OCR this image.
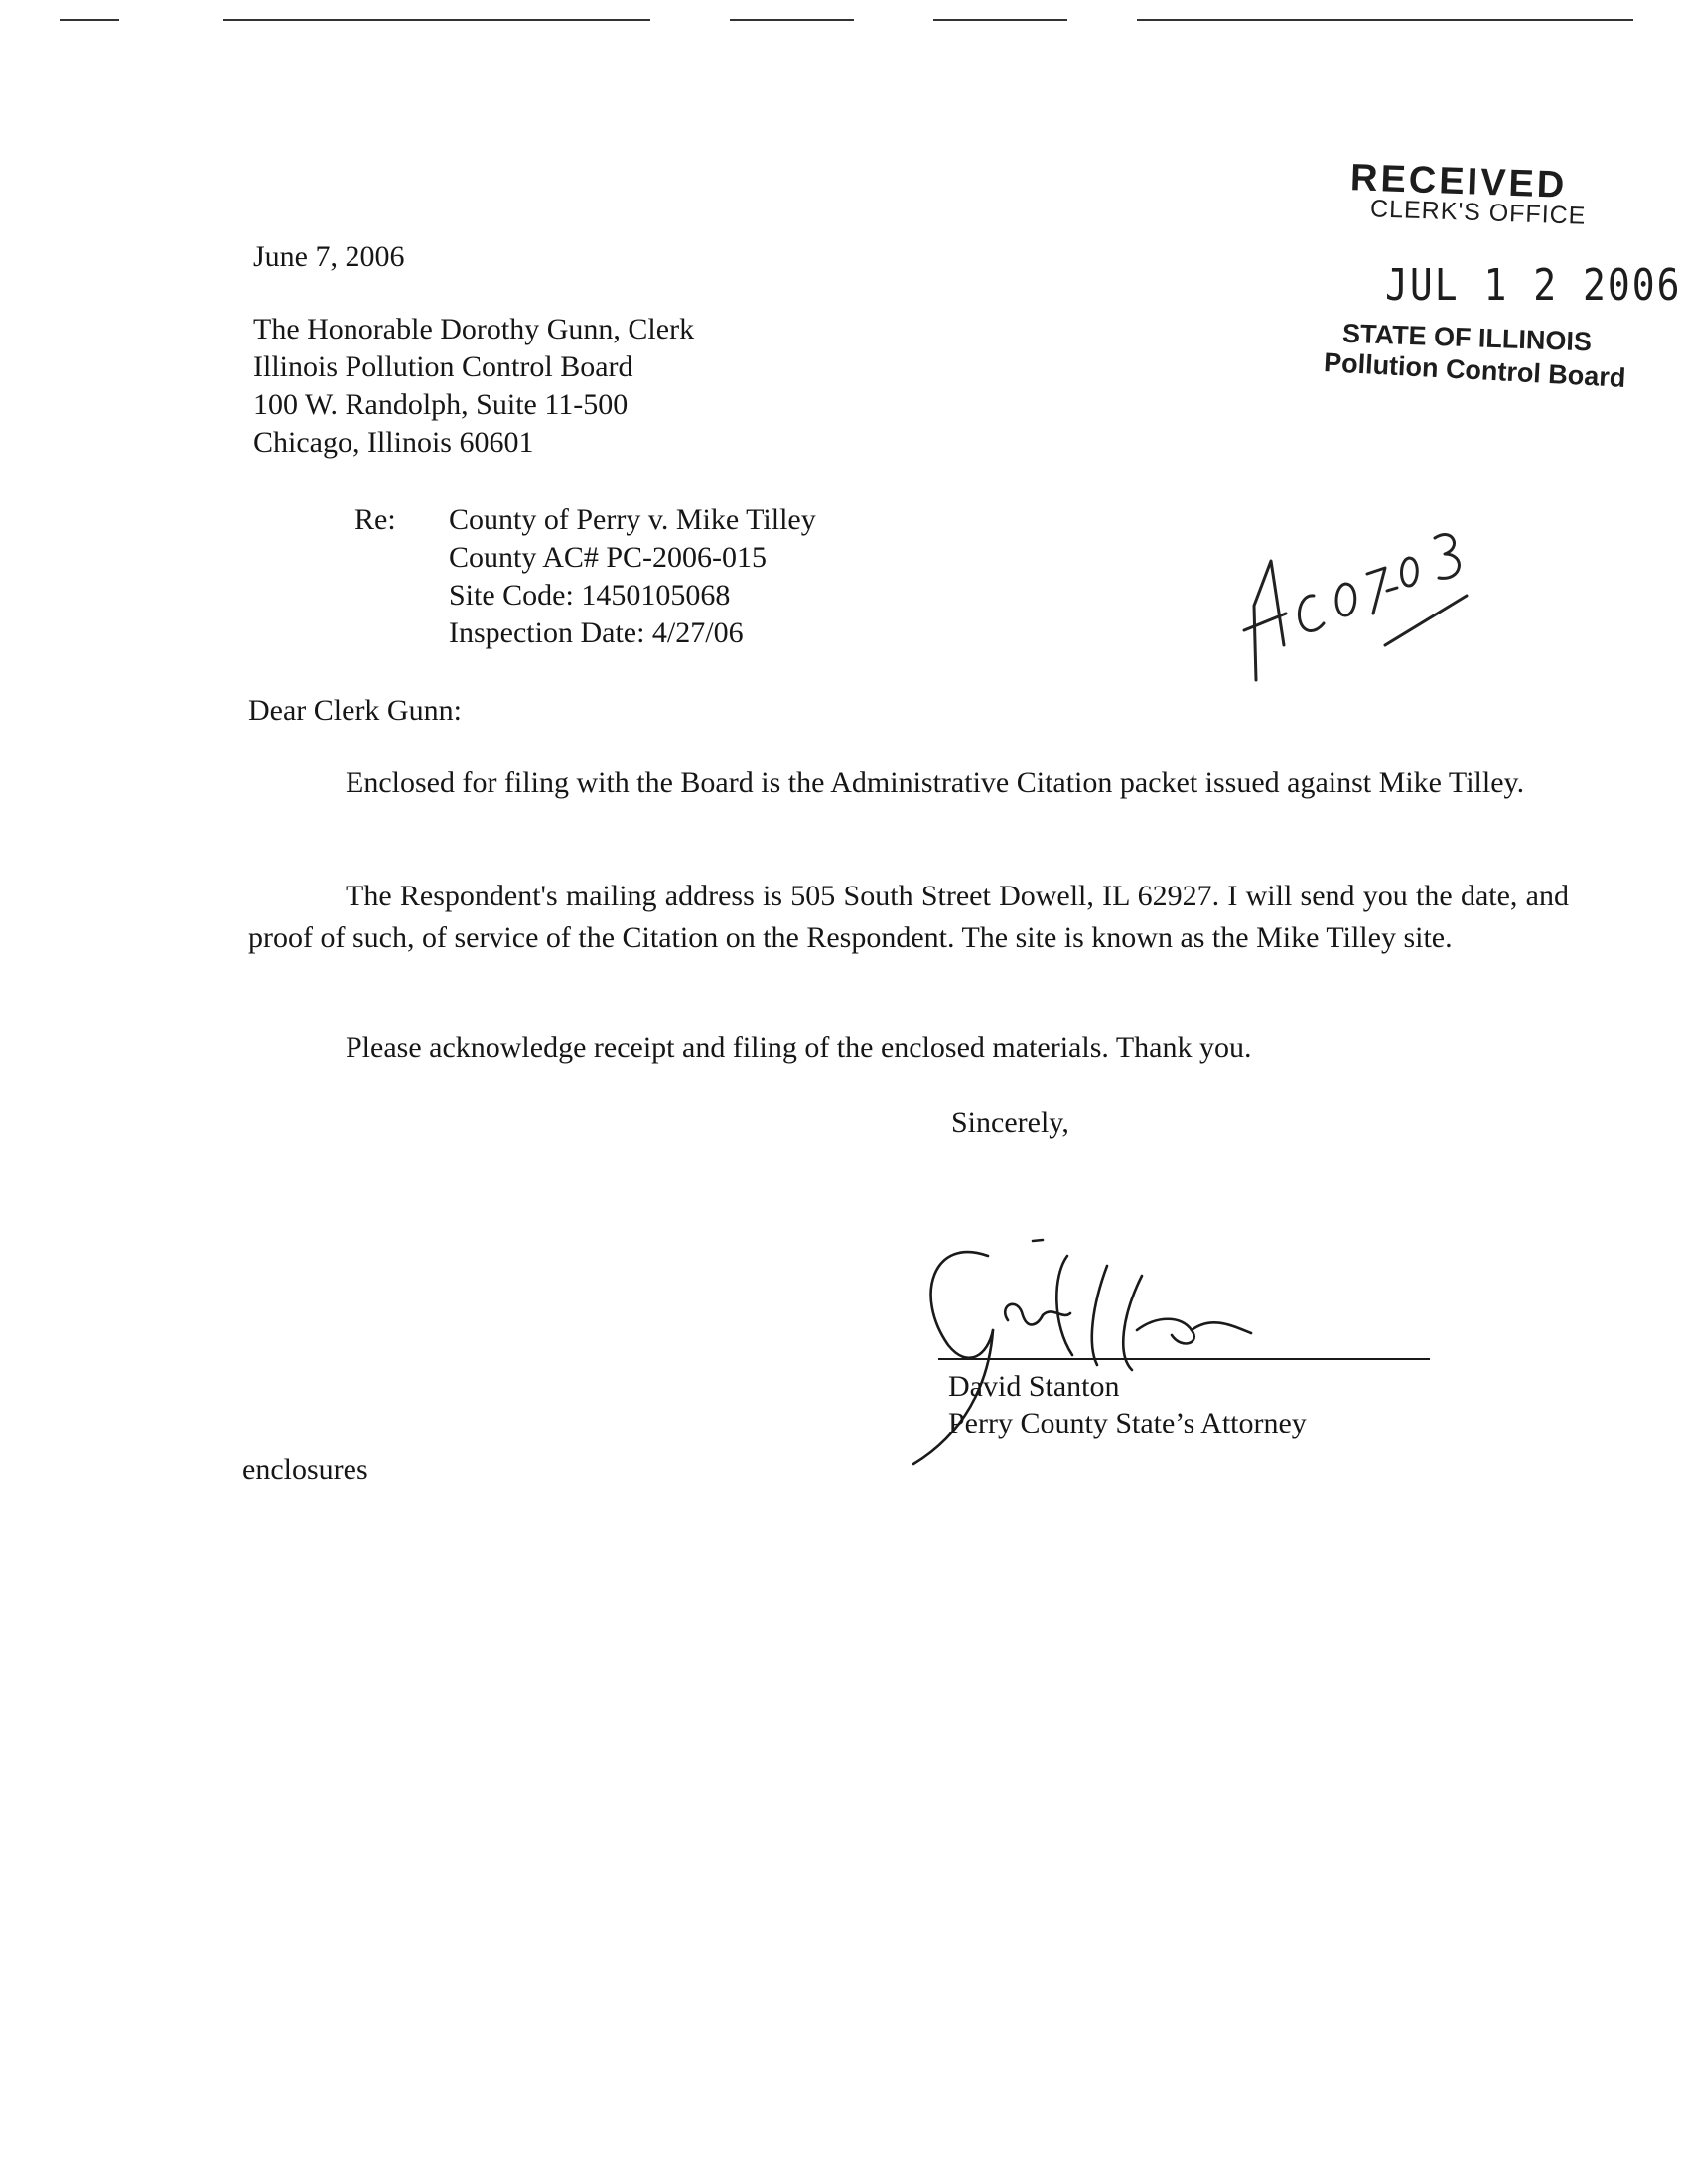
RECEIVED
CLERK'S OFFICE
JUL 1 2 2006
STATE OF ILLINOIS
Pollution Control Board
June 7, 2006
The Honorable Dorothy Gunn, Clerk
Illinois Pollution Control Board
100 W. Randolph, Suite 11-500
Chicago, Illinois 60601
Re: County of Perry v. Mike Tilley
County AC# PC-2006-015
Site Code: 1450105068
Inspection Date: 4/27/06
Dear Clerk Gunn:
Enclosed for filing with the Board is the Administrative Citation packet issued against Mike Tilley.
The Respondent's mailing address is 505 South Street Dowell, IL 62927. I will send you the date, and proof of such, of service of the Citation on the Respondent. The site is known as the Mike Tilley site.
Please acknowledge receipt and filing of the enclosed materials. Thank you.
Sincerely,
David Stanton
Perry County State’s Attorney
enclosures
